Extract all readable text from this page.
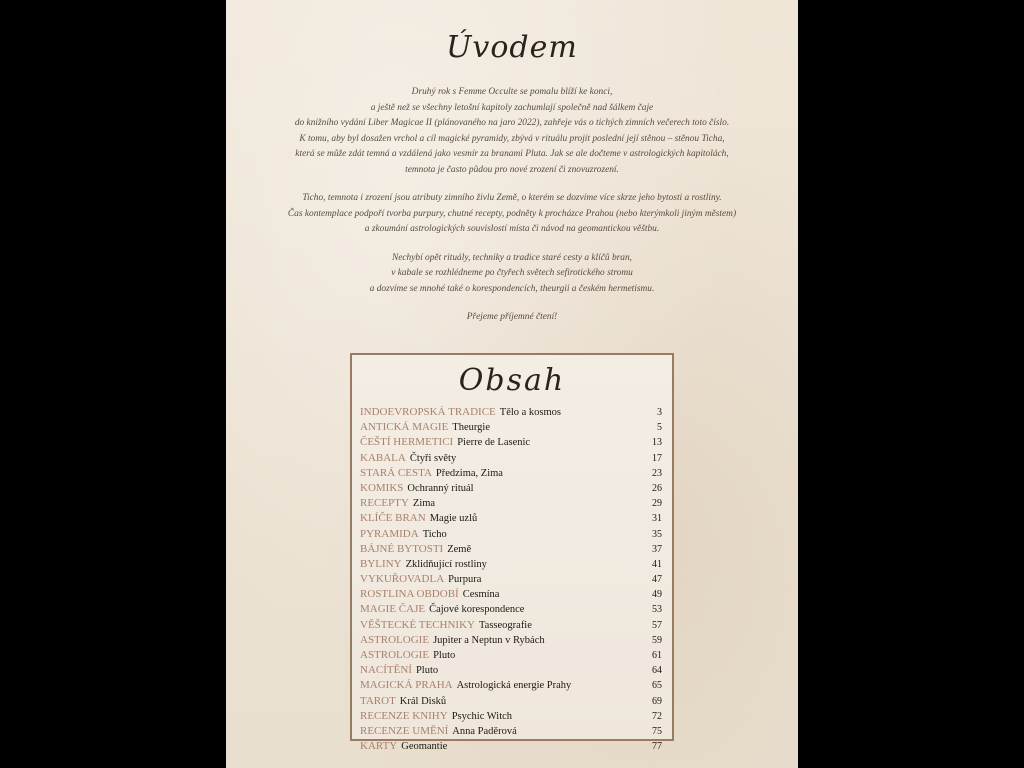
Úvodem

Druhý rok s Femme Occulte se pomalu blíží ke konci,
a ještě než se všechny letošní kapitoly zachumlají společně nad šálkem čaje
do knižního vydání Liber Magicae II (plánovaného na jaro 2022), zahřeje vás o tichých zimních večerech toto číslo.
K tomu, aby byl dosažen vrchol a cíl magické pyramidy, zbývá v rituálu projít poslední její stěnou – stěnou Ticha,
která se může zdát temná a vzdálená jako vesmír za branami Pluta. Jak se ale dočteme v astrologických kapitolách,
temnota je často půdou pro nové zrození či znovuzrození.

Ticho, temnota i zrození jsou atributy zimního živlu Země, o kterém se dozvíme více skrze jeho bytosti a rostliny.
Čas kontemplace podpoří tvorba purpury, chutné recepty, podněty k procházce Prahou (nebo kterýmkoli jiným městem)
a zkoumání astrologických souvislostí místa či návod na geomantickou věštbu.

Nechybí opět rituály, techniky a tradice staré cesty a klíčů bran,
v kabale se rozhlédneme po čtyřech světech sefirotického stromu
a dozvíme se mnohé také o korespondencích, theurgii a českém hermetismu.

Přejeme příjemné čtení!

Obsah
INDOEVROPSKÁ TRADICE Tělo a kosmos	3
ANTICKÁ MAGIE Theurgie	5
ČEŠTÍ HERMETICI Pierre de Lasenic	13
KABALA Čtyři světy	17
STARÁ CESTA Předzima, Zima	23
KOMIKS Ochranný rituál	26
RECEPTY Zima	29
KLÍČE BRAN Magie uzlů	31
PYRAMIDA Ticho	35
BÁJNÉ BYTOSTI Země	37
BYLINY Zklidňující rostliny	41
VYKUŘOVADLA Purpura	47
ROSTLINA OBDOBÍ Cesmína	49
MAGIE ČAJE Čajové korespondence	53
VĚŠTECKÉ TECHNIKY Tasseografie	57
ASTROLOGIE Jupiter a Neptun v Rybách	59
ASTROLOGIE Pluto	61
NACÍTĚNÍ Pluto	64
MAGICKÁ PRAHA Astrologická energie Prahy	65
TAROT Král Disků	69
RECENZE KNIHY Psychic Witch	72
RECENZE UMĚNÍ Anna Paděrová	75
KARTY Geomantie	77
